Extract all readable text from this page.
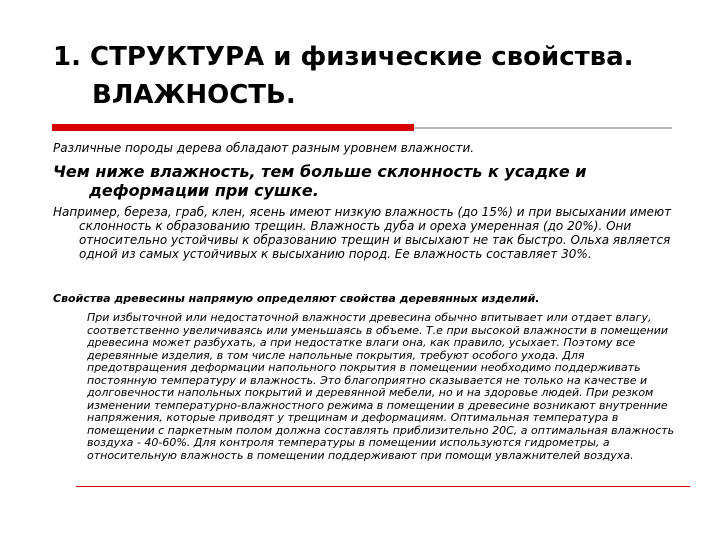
1. СТРУКТУРА и физические свойства.
ВЛАЖНОСТЬ.

Различные породы дерева обладают разным уровнем влажности.

Чем ниже влажность, тем больше склонность к усадке и деформации при сушке.

Например, береза, граб, клен, ясень имеют низкую влажность (до 15%) и при высыхании имеют склонность к образованию трещин. Влажность дуба и ореха умеренная (до 20%). Они относительно устойчивы к образованию трещин и высыхают не так быстро. Ольха является одной из самых устойчивых к высыханию пород. Ее влажность составляет 30%.

Свойства древесины напрямую определяют свойства деревянных изделий.

При избыточной или недостаточной влажности древесина обычно впитывает или отдает влагу, соответственно увеличиваясь или уменьшаясь в объеме. Т.е при высокой влажности в помещении древесина может разбухать, а при недостатке влаги она, как правило, усыхает. Поэтому все деревянные изделия, в том числе напольные покрытия, требуют особого ухода. Для предотвращения деформации напольного покрытия в помещении необходимо поддерживать постоянную температуру и влажность. Это благоприятно сказывается не только на качестве и долговечности напольных покрытий и деревянной мебели, но и на здоровье людей. При резком изменении температурно-влажностного режима в помещении в древесине возникают внутренние напряжения, которые приводят у трещинам и деформациям. Оптимальная температура в помещении с паркетным полом должна составлять приблизительно 20С, а оптимальная влажность воздуха - 40-60%. Для контроля температуры в помещении используются гидрометры, а относительную влажность в помещении поддерживают при помощи увлажнителей воздуха.
